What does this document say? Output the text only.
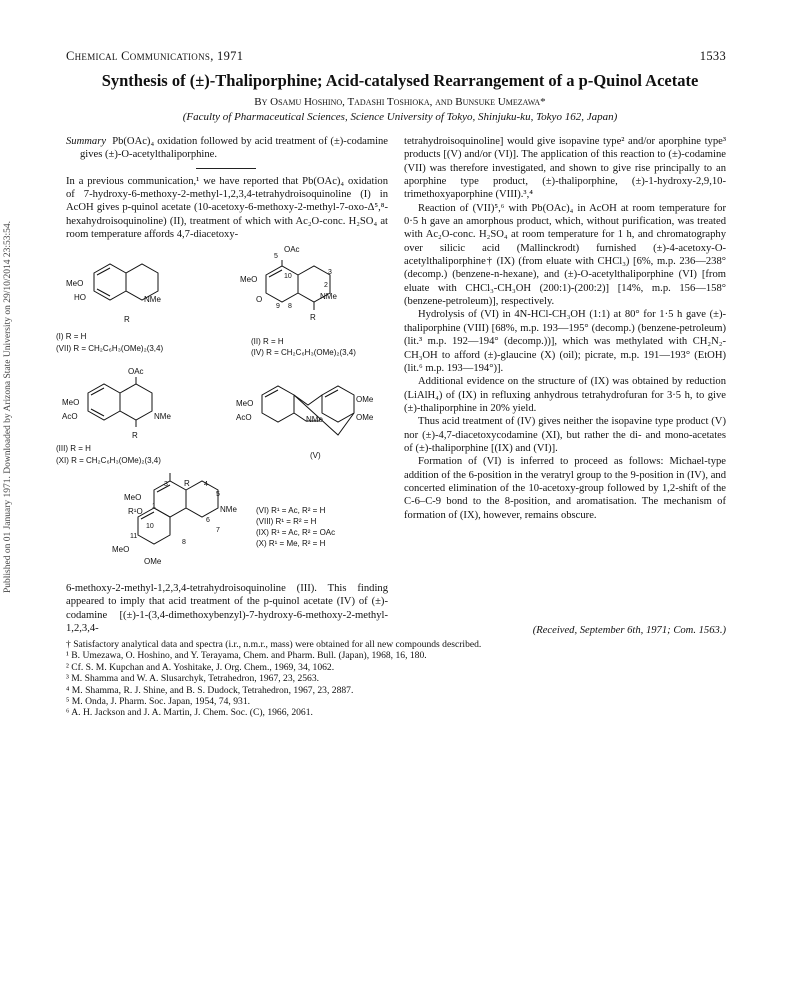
Published on 01 January 1971. Downloaded by Arizona State University on 29/10/2014 23:53:54.
Chemical Communications, 1971	1533
Synthesis of (±)-Thaliporphine; Acid-catalysed Rearrangement of a p-Quinol Acetate
By Osamu Hoshino, Tadashi Toshioka, and Bunsuke Umezawa*
(Faculty of Pharmaceutical Sciences, Science University of Tokyo, Shinjuku-ku, Tokyo 162, Japan)

Summary Pb(OAc)₄ oxidation followed by acid treatment of (±)-codamine gives (±)-O-acetylthaliporphine.

In a previous communication,¹ we have reported that Pb(OAc)₄ oxidation of 7-hydroxy-6-methoxy-2-methyl-1,2,3,4-tetrahydroisoquinoline (I) in AcOH gives p-quinol acetate (10-acetoxy-6-methoxy-2-methyl-7-oxo-Δ⁵,⁸-hexahydroisoquinoline) (II), treatment of which with Ac₂O-conc. H₂SO₄ at room temperature affords 4,7-diacetoxy-

MeO
HO	NMe
R
(I) R = H
(VII) R = CH₂C₆H₃(OMe)₂(3,4)
OAc
MeO
O	NMe
R
5
3
10
9 8
2
(II) R = H
(IV) R = CH₂C₆H₃(OMe)₂(3,4)
OAc
MeO
AcO	NMe
R
(III) R = H
(XI) R = CH₂C₆H₃(OMe)₂(3,4)
MeO
AcO	NMe
OMe
OMe
(V)
MeO
R¹O	NMe
MeO
OMe
R
3	4
5
6
7
8
10
11
1	(VI) R¹ = Ac, R² = H
(VIII) R¹ = R² = H
(IX) R¹ = Ac, R² = OAc
(X) R¹ = Me, R² = H

6-methoxy-2-methyl-1,2,3,4-tetrahydroisoquinoline (III). This finding appeared to imply that acid treatment of the p-quinol acetate (IV) of (±)-codamine [(±)-1-(3,4-dimethoxybenzyl)-7-hydroxy-6-methoxy-2-methyl-1,2,3,4-

tetrahydroisoquinoline] would give isopavine type² and/or aporphine type³ products [(V) and/or (VI)]. The application of this reaction to (±)-codamine (VII) was therefore investigated, and shown to give rise principally to an aporphine type product, (±)-thaliporphine, (±)-1-hydroxy-2,9,10-trimethoxyaporphine (VIII).³,⁴

Reaction of (VII)⁵,⁶ with Pb(OAc)₄ in AcOH at room temperature for 0·5 h gave an amorphous product, which, without purification, was treated with Ac₂O-conc. H₂SO₄ at room temperature for 1 h, and chromatography over silicic acid (Mallinckrodt) furnished (±)-4-acetoxy-O-acetylthaliporphine† (IX) (from eluate with CHCl₃) [6%, m.p. 236—238° (decomp.) (benzene-n-hexane), and (±)-O-acetylthaliporphine (VI) [from eluate with CHCl₃-CH₃OH (200:1)-(200:2)] [14%, m.p. 156—158° (benzene-petroleum)], respectively.

Hydrolysis of (VI) in 4N-HCl-CH₃OH (1:1) at 80° for 1·5 h gave (±)-thaliporphine (VIII) [68%, m.p. 193—195° (decomp.) (benzene-petroleum) (lit.³ m.p. 192—194° (decomp.))], which was methylated with CH₂N₂-CH₃OH to afford (±)-glaucine (X) (oil); picrate, m.p. 191—193° (EtOH) (lit.⁶ m.p. 193—194°)].

Additional evidence on the structure of (IX) was obtained by reduction (LiAlH₄) of (IX) in refluxing anhydrous tetrahydrofuran for 3·5 h, to give (±)-thaliporphine in 20% yield.

Thus acid treatment of (IV) gives neither the isopavine type product (V) nor (±)-4,7-diacetoxycodamine (XI), but rather the di- and mono-acetates of (±)-thaliporphine [(IX) and (VI)].

Formation of (VI) is inferred to proceed as follows: Michael-type addition of the 6-position in the veratryl group to the 9-position in (IV), and concerted elimination of the 10-acetoxy-group followed by 1,2-shift of the C-6–C-9 bond to the 8-position, and aromatisation. The mechanism of formation of (IX), however, remains obscure.

(Received, September 6th, 1971; Com. 1563.)
† Satisfactory analytical data and spectra (i.r., n.m.r., mass) were obtained for all new compounds described.
¹ B. Umezawa, O. Hoshino, and Y. Terayama, Chem. and Pharm. Bull. (Japan), 1968, 16, 180.
² Cf. S. M. Kupchan and A. Yoshitake, J. Org. Chem., 1969, 34, 1062.
³ M. Shamma and W. A. Slusarchyk, Tetrahedron, 1967, 23, 2563.
⁴ M. Shamma, R. J. Shine, and B. S. Dudock, Tetrahedron, 1967, 23, 2887.
⁵ M. Onda, J. Pharm. Soc. Japan, 1954, 74, 931.
⁶ A. H. Jackson and J. A. Martin, J. Chem. Soc. (C), 1966, 2061.
